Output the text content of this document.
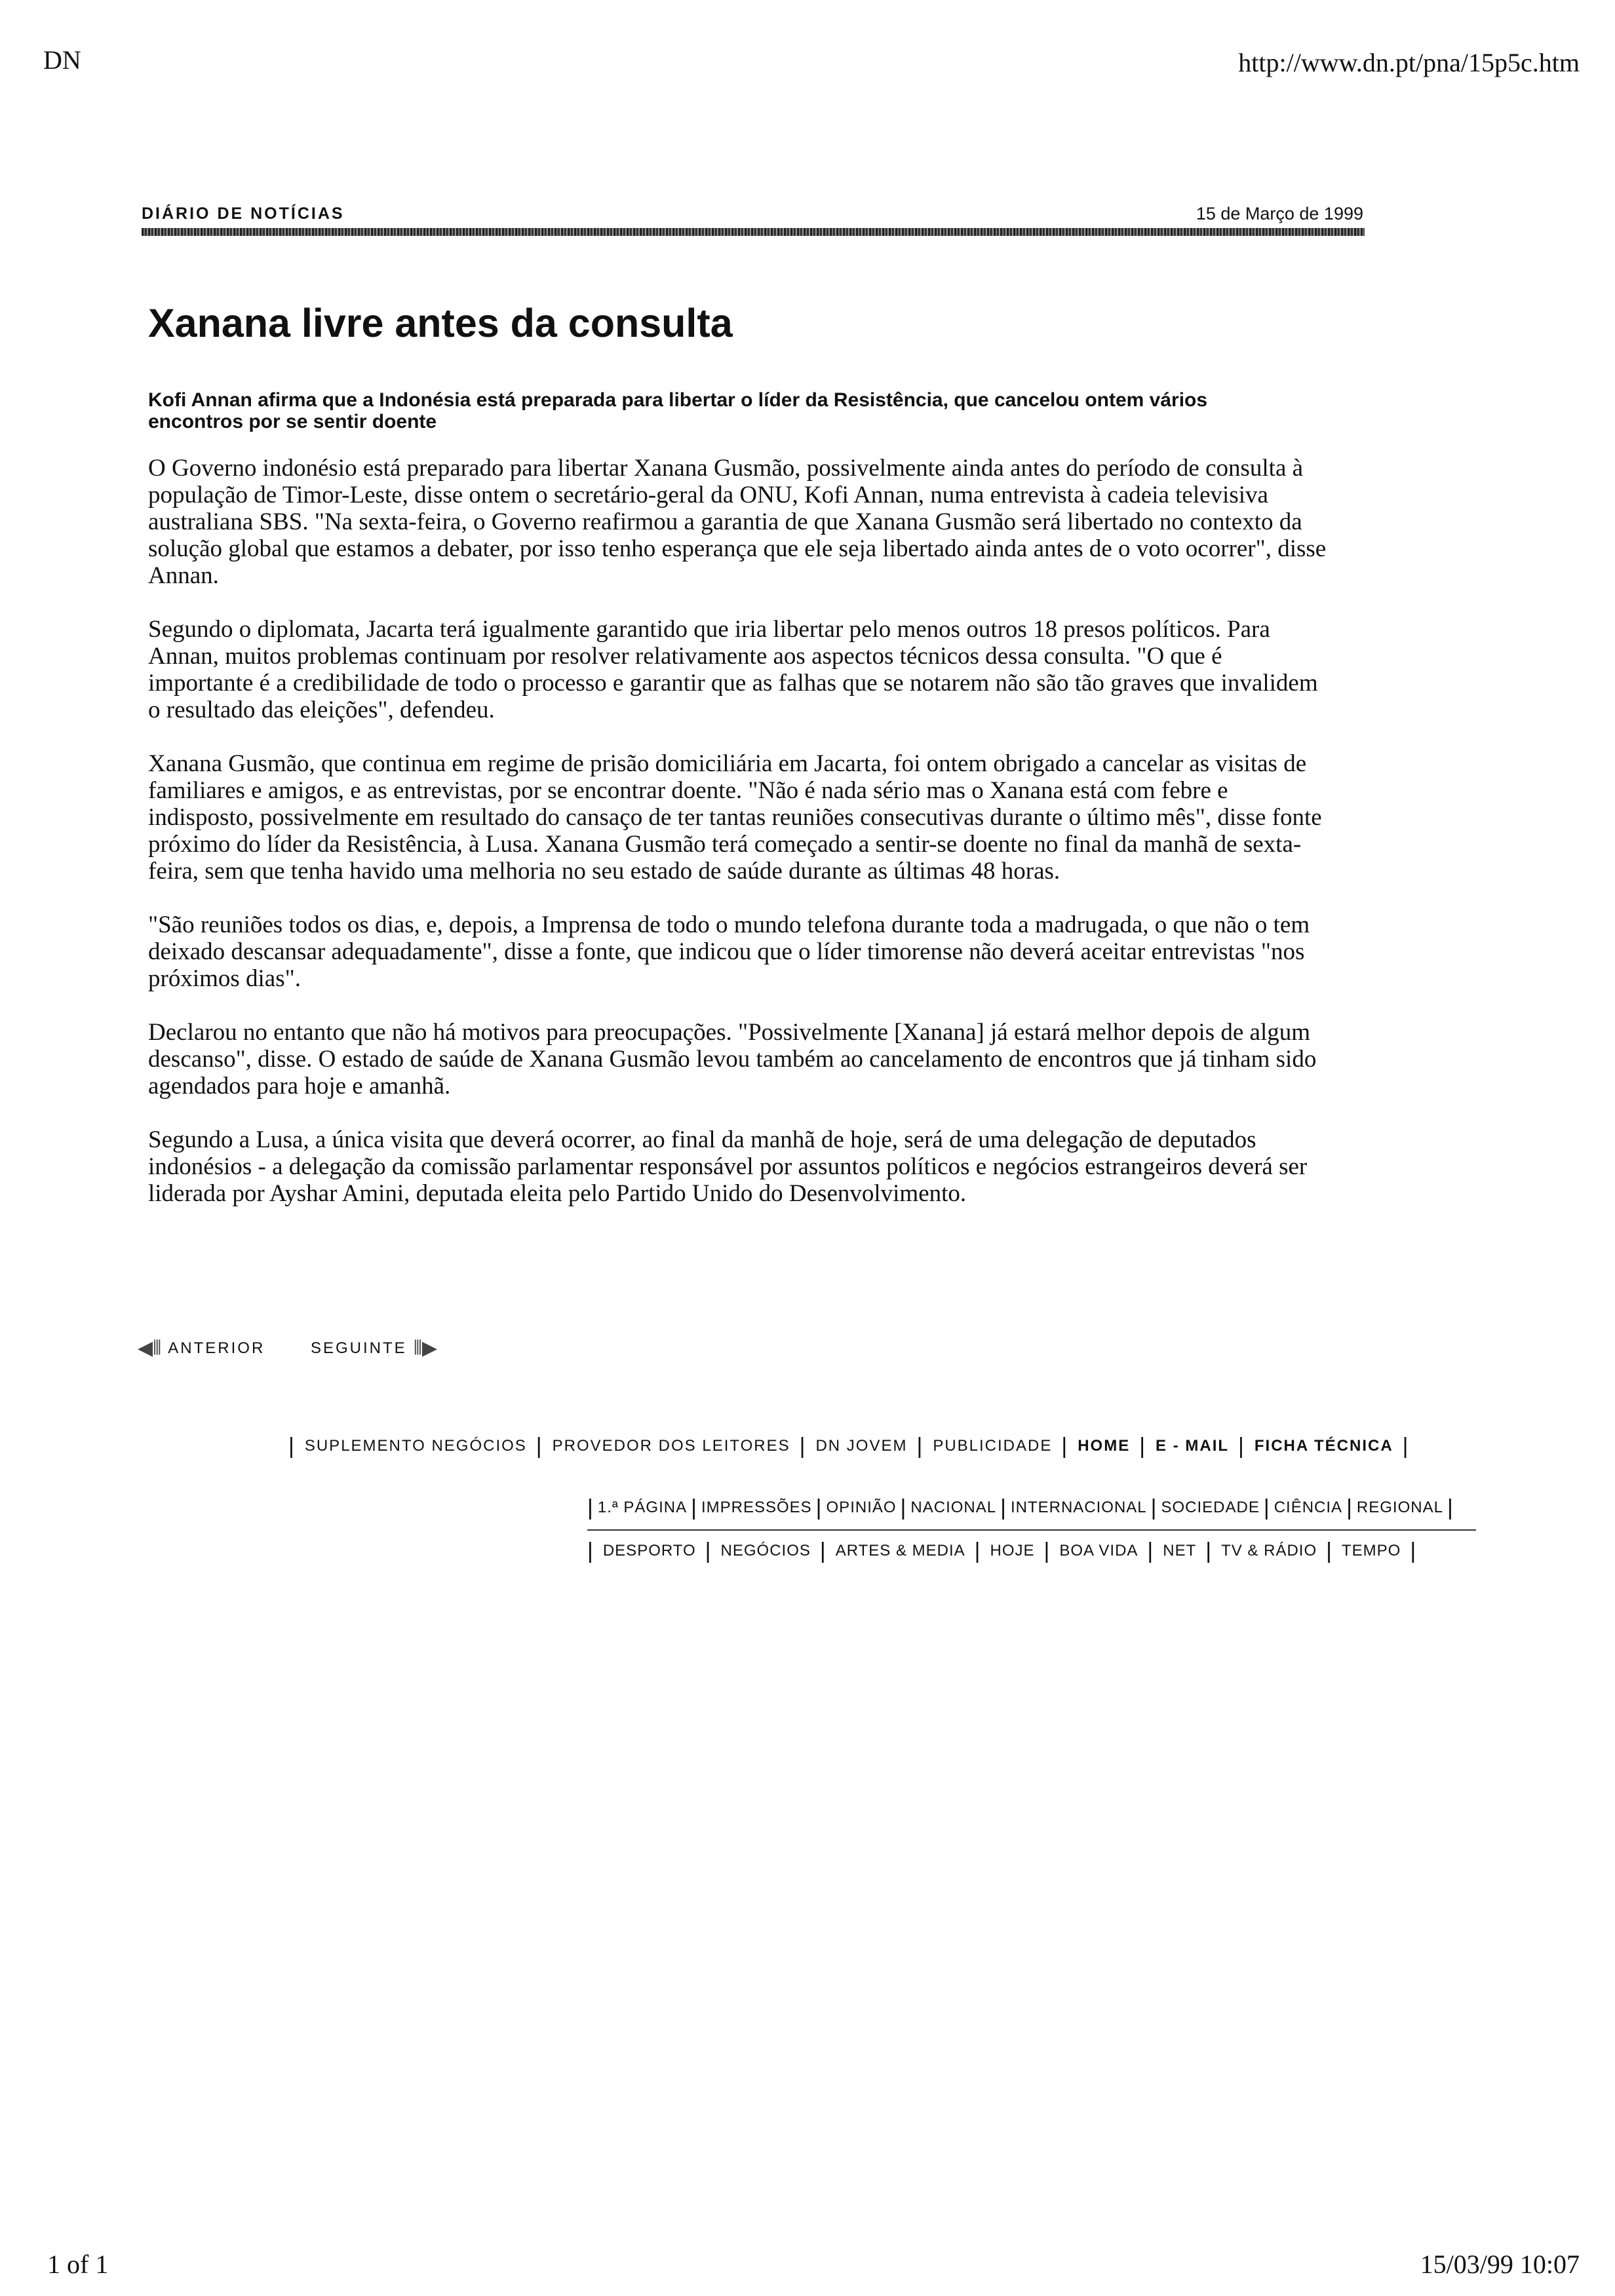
DN	http://www.dn.pt/pna/15p5c.htm
DIÁRIO DE NOTÍCIAS	15 de Março de 1999
Xanana livre antes da consulta

Kofi Annan afirma que a Indonésia está preparada para libertar o líder da Resistência, que cancelou ontem vários encontros por se sentir doente

O Governo indonésio está preparado para libertar Xanana Gusmão, possivelmente ainda antes do período de consulta à população de Timor-Leste, disse ontem o secretário-geral da ONU, Kofi Annan, numa entrevista à cadeia televisiva australiana SBS. "Na sexta-feira, o Governo reafirmou a garantia de que Xanana Gusmão será libertado no contexto da solução global que estamos a debater, por isso tenho esperança que ele seja libertado ainda antes de o voto ocorrer", disse Annan.

Segundo o diplomata, Jacarta terá igualmente garantido que iria libertar pelo menos outros 18 presos políticos. Para Annan, muitos problemas continuam por resolver relativamente aos aspectos técnicos dessa consulta. "O que é importante é a credibilidade de todo o processo e garantir que as falhas que se notarem não são tão graves que invalidem o resultado das eleições", defendeu.

Xanana Gusmão, que continua em regime de prisão domiciliária em Jacarta, foi ontem obrigado a cancelar as visitas de familiares e amigos, e as entrevistas, por se encontrar doente. "Não é nada sério mas o Xanana está com febre e indisposto, possivelmente em resultado do cansaço de ter tantas reuniões consecutivas durante o último mês", disse fonte próximo do líder da Resistência, à Lusa. Xanana Gusmão terá começado a sentir-se doente no final da manhã de sexta-feira, sem que tenha havido uma melhoria no seu estado de saúde durante as últimas 48 horas.

"São reuniões todos os dias, e, depois, a Imprensa de todo o mundo telefona durante toda a madrugada, o que não o tem deixado descansar adequadamente", disse a fonte, que indicou que o líder timorense não deverá aceitar entrevistas "nos próximos dias".

Declarou no entanto que não há motivos para preocupações. "Possivelmente [Xanana] já estará melhor depois de algum descanso", disse. O estado de saúde de Xanana Gusmão levou também ao cancelamento de encontros que já tinham sido agendados para hoje e amanhã.

Segundo a Lusa, a única visita que deverá ocorrer, ao final da manhã de hoje, será de uma delegação de deputados indonésios - a delegação da comissão parlamentar responsável por assuntos políticos e negócios estrangeiros deverá ser liderada por Ayshar Amini, deputada eleita pelo Partido Unido do Desenvolvimento.

◀⦀ ANTERIOR	SEGUINTE ⦀▶
| SUPLEMENTO NEGÓCIOS | PROVEDOR DOS LEITORES | DN JOVEM | PUBLICIDADE | HOME | E - MAIL | FICHA TÉCNICA |
| 1.ª PÁGINA | IMPRESSÕES | OPINIÃO | NACIONAL | INTERNACIONAL | SOCIEDADE | CIÊNCIA | REGIONAL |
| DESPORTO | NEGÓCIOS | ARTES & MEDIA | HOJE | BOA VIDA | NET | TV & RÁDIO | TEMPO |
1 of 1	15/03/99 10:07
